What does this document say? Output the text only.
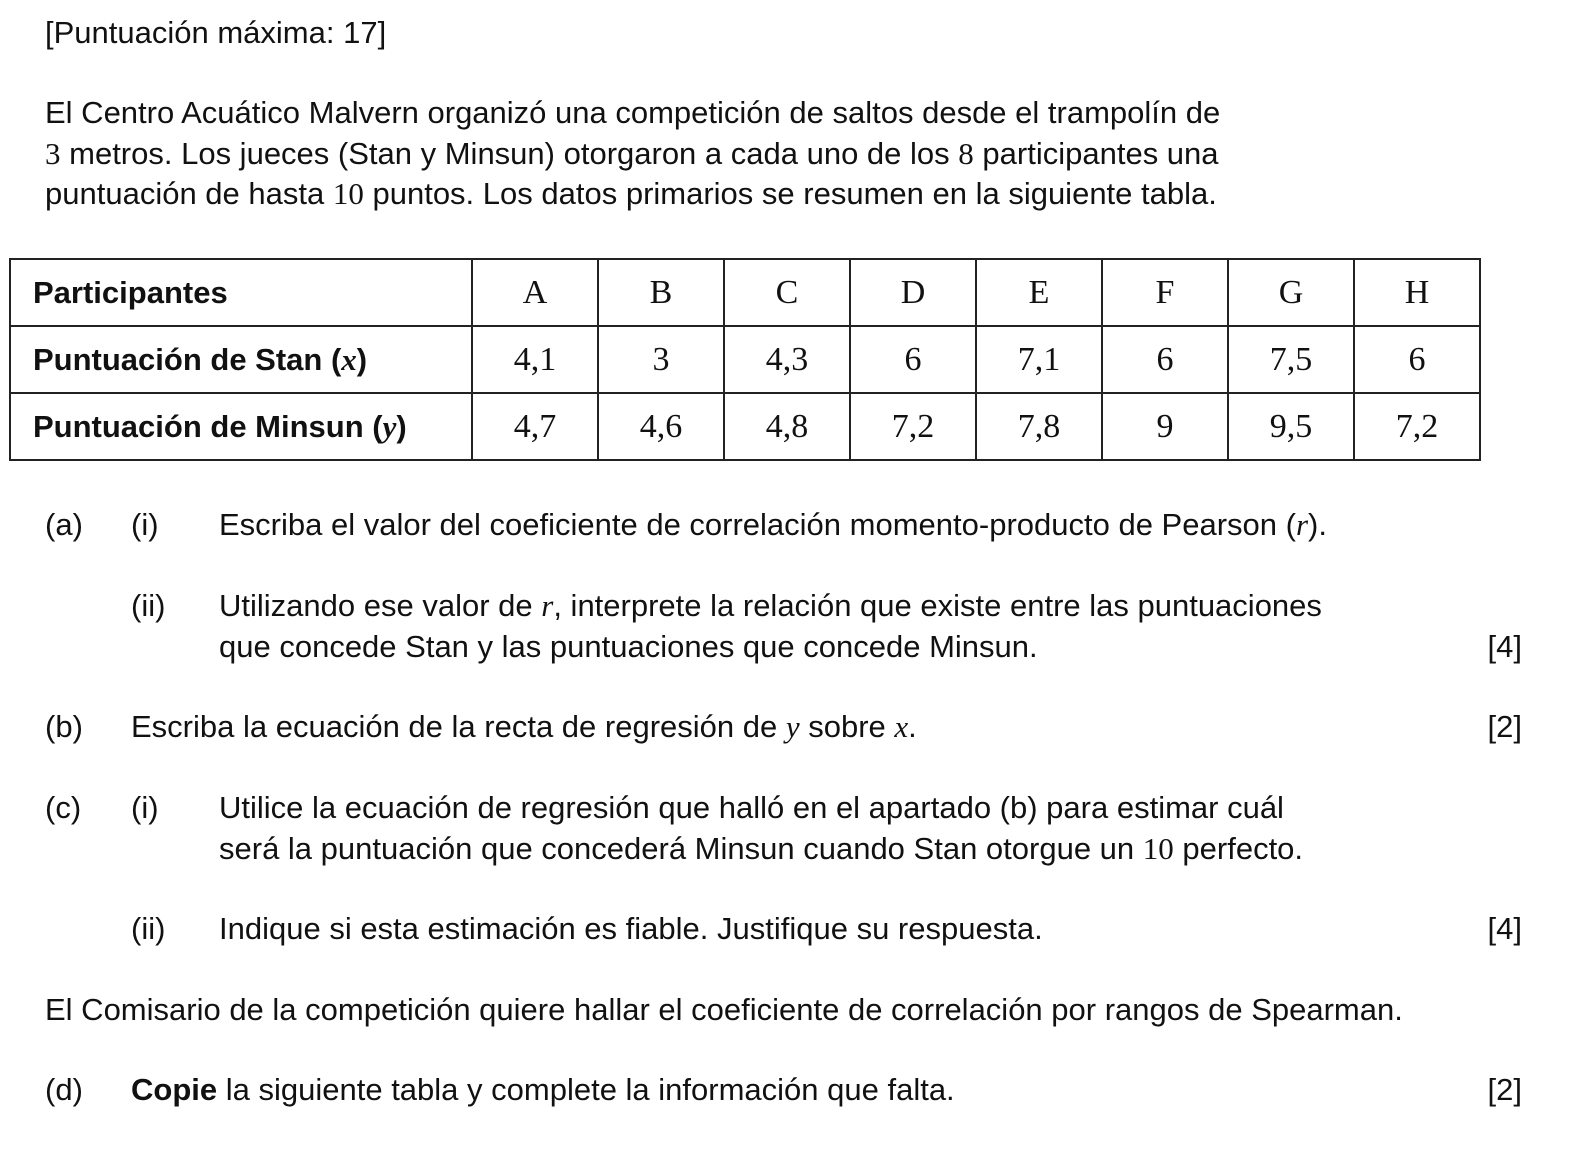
[Puntuación máxima: 17]
El Centro Acuático Malvern organizó una competición de saltos desde el trampolín de
3 metros. Los jueces (Stan y Minsun) otorgaron a cada uno de los 8 participantes una
puntuación de hasta 10 puntos. Los datos primarios se resumen en la siguiente tabla.
Participantes	A	B	C	D	E	F	G	H
Puntuación de Stan (x)	4,1	3	4,3	6	7,1	6	7,5	6
Puntuación de Minsun (y)	4,7	4,6	4,8	7,2	7,8	9	9,5	7,2
(a) (i) Escriba el valor del coeficiente de correlación momento-producto de Pearson (r).
(ii) Utilizando ese valor de r, interprete la relación que existe entre las puntuaciones
que concede Stan y las puntuaciones que concede Minsun.	[4]
(b) Escriba la ecuación de la recta de regresión de y sobre x.	[2]
(c) (i) Utilice la ecuación de regresión que halló en el apartado (b) para estimar cuál
será la puntuación que concederá Minsun cuando Stan otorgue un 10 perfecto.
(ii) Indique si esta estimación es fiable. Justifique su respuesta.	[4]
El Comisario de la competición quiere hallar el coeficiente de correlación por rangos de Spearman.
(d) Copie la siguiente tabla y complete la información que falta.	[2]
